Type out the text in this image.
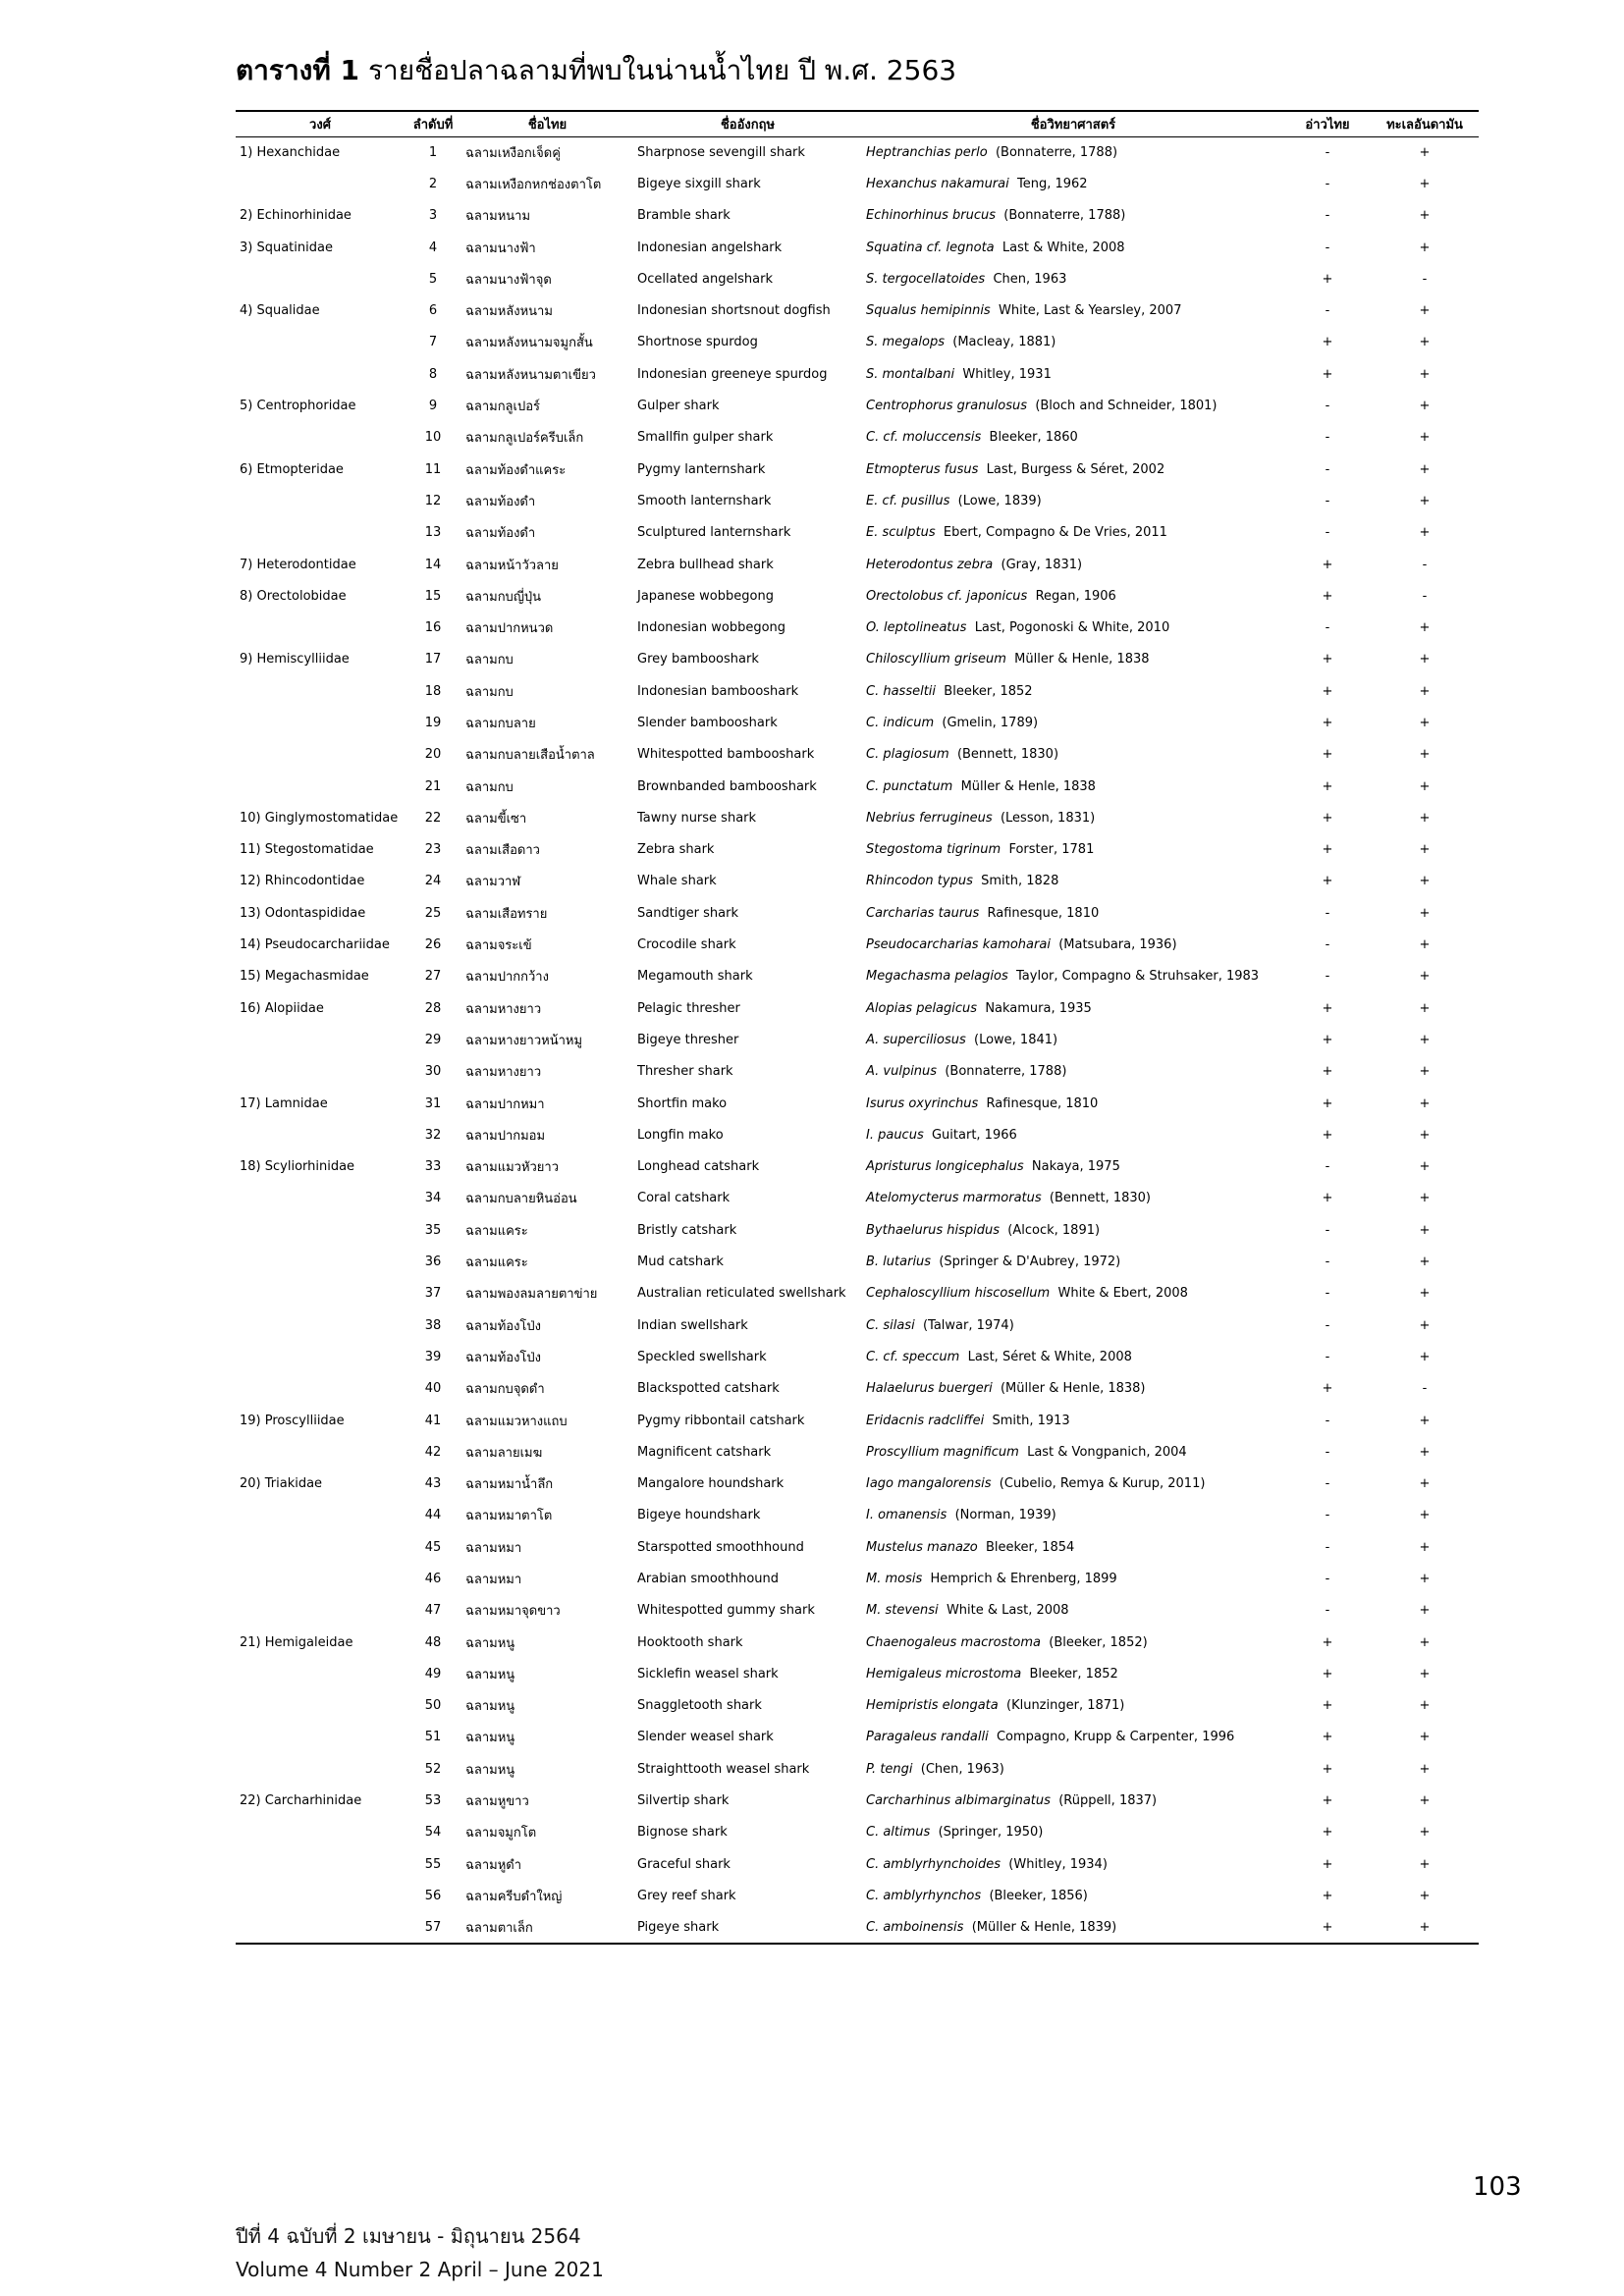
ตารางที่ 1 รายชื่อปลาฉลามที่พบในน่านน้ำไทย ปี พ.ศ. 2563
วงศ์	ลำดับที่	ชื่อไทย	ชื่ออังกฤษ	ชื่อวิทยาศาสตร์	อ่าวไทย	ทะเลอันดามัน
1) Hexanchidae	1	ฉลามเหงือกเจ็ดคู่	Sharpnose sevengill shark	Heptranchias perlo (Bonnaterre, 1788)	-	+
	2	ฉลามเหงือกหกช่องตาโต	Bigeye sixgill shark	Hexanchus nakamurai Teng, 1962	-	+
2) Echinorhinidae	3	ฉลามหนาม	Bramble shark	Echinorhinus brucus (Bonnaterre, 1788)	-	+
3) Squatinidae	4	ฉลามนางฟ้า	Indonesian angelshark	Squatina cf. legnota Last & White, 2008	-	+
	5	ฉลามนางฟ้าจุด	Ocellated angelshark	S. tergocellatoides Chen, 1963	+	-
4) Squalidae	6	ฉลามหลังหนาม	Indonesian shortsnout dogfish	Squalus hemipinnis White, Last & Yearsley, 2007	-	+
	7	ฉลามหลังหนามจมูกสั้น	Shortnose spurdog	S. megalops (Macleay, 1881)	+	+
	8	ฉลามหลังหนามตาเขียว	Indonesian greeneye spurdog	S. montalbani Whitley, 1931	+	+
5) Centrophoridae	9	ฉลามกลูเปอร์	Gulper shark	Centrophorus granulosus (Bloch and Schneider, 1801)	-	+
	10	ฉลามกลูเปอร์ครีบเล็ก	Smallfin gulper shark	C. cf. moluccensis Bleeker, 1860	-	+
6) Etmopteridae	11	ฉลามท้องดำแคระ	Pygmy lanternshark	Etmopterus fusus Last, Burgess & Séret, 2002	-	+
	12	ฉลามท้องดำ	Smooth lanternshark	E. cf. pusillus (Lowe, 1839)	-	+
	13	ฉลามท้องดำ	Sculptured lanternshark	E. sculptus Ebert, Compagno & De Vries, 2011	-	+
7) Heterodontidae	14	ฉลามหน้าวัวลาย	Zebra bullhead shark	Heterodontus zebra (Gray, 1831)	+	-
8) Orectolobidae	15	ฉลามกบญี่ปุ่น	Japanese wobbegong	Orectolobus cf. japonicus Regan, 1906	+	-
	16	ฉลามปากหนวด	Indonesian wobbegong	O. leptolineatus Last, Pogonoski & White, 2010	-	+
9) Hemiscylliidae	17	ฉลามกบ	Grey bambooshark	Chiloscyllium griseum Müller & Henle, 1838	+	+
	18	ฉลามกบ	Indonesian bambooshark	C. hasseltii Bleeker, 1852	+	+
	19	ฉลามกบลาย	Slender bambooshark	C. indicum (Gmelin, 1789)	+	+
	20	ฉลามกบลายเสือน้ำตาล	Whitespotted bambooshark	C. plagiosum (Bennett, 1830)	+	+
	21	ฉลามกบ	Brownbanded bambooshark	C. punctatum Müller & Henle, 1838	+	+
10) Ginglymostomatidae	22	ฉลามขี้เซา	Tawny nurse shark	Nebrius ferrugineus (Lesson, 1831)	+	+
11) Stegostomatidae	23	ฉลามเสือดาว	Zebra shark	Stegostoma tigrinum Forster, 1781	+	+
12) Rhincodontidae	24	ฉลามวาฬ	Whale shark	Rhincodon typus Smith, 1828	+	+
13) Odontaspididae	25	ฉลามเสือทราย	Sandtiger shark	Carcharias taurus Rafinesque, 1810	-	+
14) Pseudocarchariidae	26	ฉลามจระเข้	Crocodile shark	Pseudocarcharias kamoharai (Matsubara, 1936)	-	+
15) Megachasmidae	27	ฉลามปากกว้าง	Megamouth shark	Megachasma pelagios Taylor, Compagno & Struhsaker, 1983	-	+
16) Alopiidae	28	ฉลามหางยาว	Pelagic thresher	Alopias pelagicus Nakamura, 1935	+	+
	29	ฉลามหางยาวหน้าหมู	Bigeye thresher	A. superciliosus (Lowe, 1841)	+	+
	30	ฉลามหางยาว	Thresher shark	A. vulpinus (Bonnaterre, 1788)	+	+
17) Lamnidae	31	ฉลามปากหมา	Shortfin mako	Isurus oxyrinchus Rafinesque, 1810	+	+
	32	ฉลามปากมอม	Longfin mako	I. paucus Guitart, 1966	+	+
18) Scyliorhinidae	33	ฉลามแมวหัวยาว	Longhead catshark	Apristurus longicephalus Nakaya, 1975	-	+
	34	ฉลามกบลายหินอ่อน	Coral catshark	Atelomycterus marmoratus (Bennett, 1830)	+	+
	35	ฉลามแคระ	Bristly catshark	Bythaelurus hispidus (Alcock, 1891)	-	+
	36	ฉลามแคระ	Mud catshark	B. lutarius (Springer & D'Aubrey, 1972)	-	+
	37	ฉลามพองลมลายตาข่าย	Australian reticulated swellshark	Cephaloscyllium hiscosellum White & Ebert, 2008	-	+
	38	ฉลามท้องโป่ง	Indian swellshark	C. silasi (Talwar, 1974)	-	+
	39	ฉลามท้องโป่ง	Speckled swellshark	C. cf. speccum Last, Séret & White, 2008	-	+
	40	ฉลามกบจุดดำ	Blackspotted catshark	Halaelurus buergeri (Müller & Henle, 1838)	+	-
19) Proscylliidae	41	ฉลามแมวหางแถบ	Pygmy ribbontail catshark	Eridacnis radcliffei Smith, 1913	-	+
	42	ฉลามลายเมฆ	Magnificent catshark	Proscyllium magnificum Last & Vongpanich, 2004	-	+
20) Triakidae	43	ฉลามหมาน้ำลึก	Mangalore houndshark	Iago mangalorensis (Cubelio, Remya & Kurup, 2011)	-	+
	44	ฉลามหมาตาโต	Bigeye houndshark	I. omanensis (Norman, 1939)	-	+
	45	ฉลามหมา	Starspotted smoothhound	Mustelus manazo Bleeker, 1854	-	+
	46	ฉลามหมา	Arabian smoothhound	M. mosis Hemprich & Ehrenberg, 1899	-	+
	47	ฉลามหมาจุดขาว	Whitespotted gummy shark	M. stevensi White & Last, 2008	-	+
21) Hemigaleidae	48	ฉลามหนู	Hooktooth shark	Chaenogaleus macrostoma (Bleeker, 1852)	+	+
	49	ฉลามหนู	Sicklefin weasel shark	Hemigaleus microstoma Bleeker, 1852	+	+
	50	ฉลามหนู	Snaggletooth shark	Hemipristis elongata (Klunzinger, 1871)	+	+
	51	ฉลามหนู	Slender weasel shark	Paragaleus randalli Compagno, Krupp & Carpenter, 1996	+	+
	52	ฉลามหนู	Straighttooth weasel shark	P. tengi (Chen, 1963)	+	+
22) Carcharhinidae	53	ฉลามหูขาว	Silvertip shark	Carcharhinus albimarginatus (Rüppell, 1837)	+	+
	54	ฉลามจมูกโต	Bignose shark	C. altimus (Springer, 1950)	+	+
	55	ฉลามหูดำ	Graceful shark	C. amblyrhynchoides (Whitley, 1934)	+	+
	56	ฉลามครีบดำใหญ่	Grey reef shark	C. amblyrhynchos (Bleeker, 1856)	+	+
	57	ฉลามตาเล็ก	Pigeye shark	C. amboinensis (Müller & Henle, 1839)	+	+
103
ปีที่ 4 ฉบับที่ 2 เมษายน - มิถุนายน 2564
Volume 4 Number 2 April – June 2021
